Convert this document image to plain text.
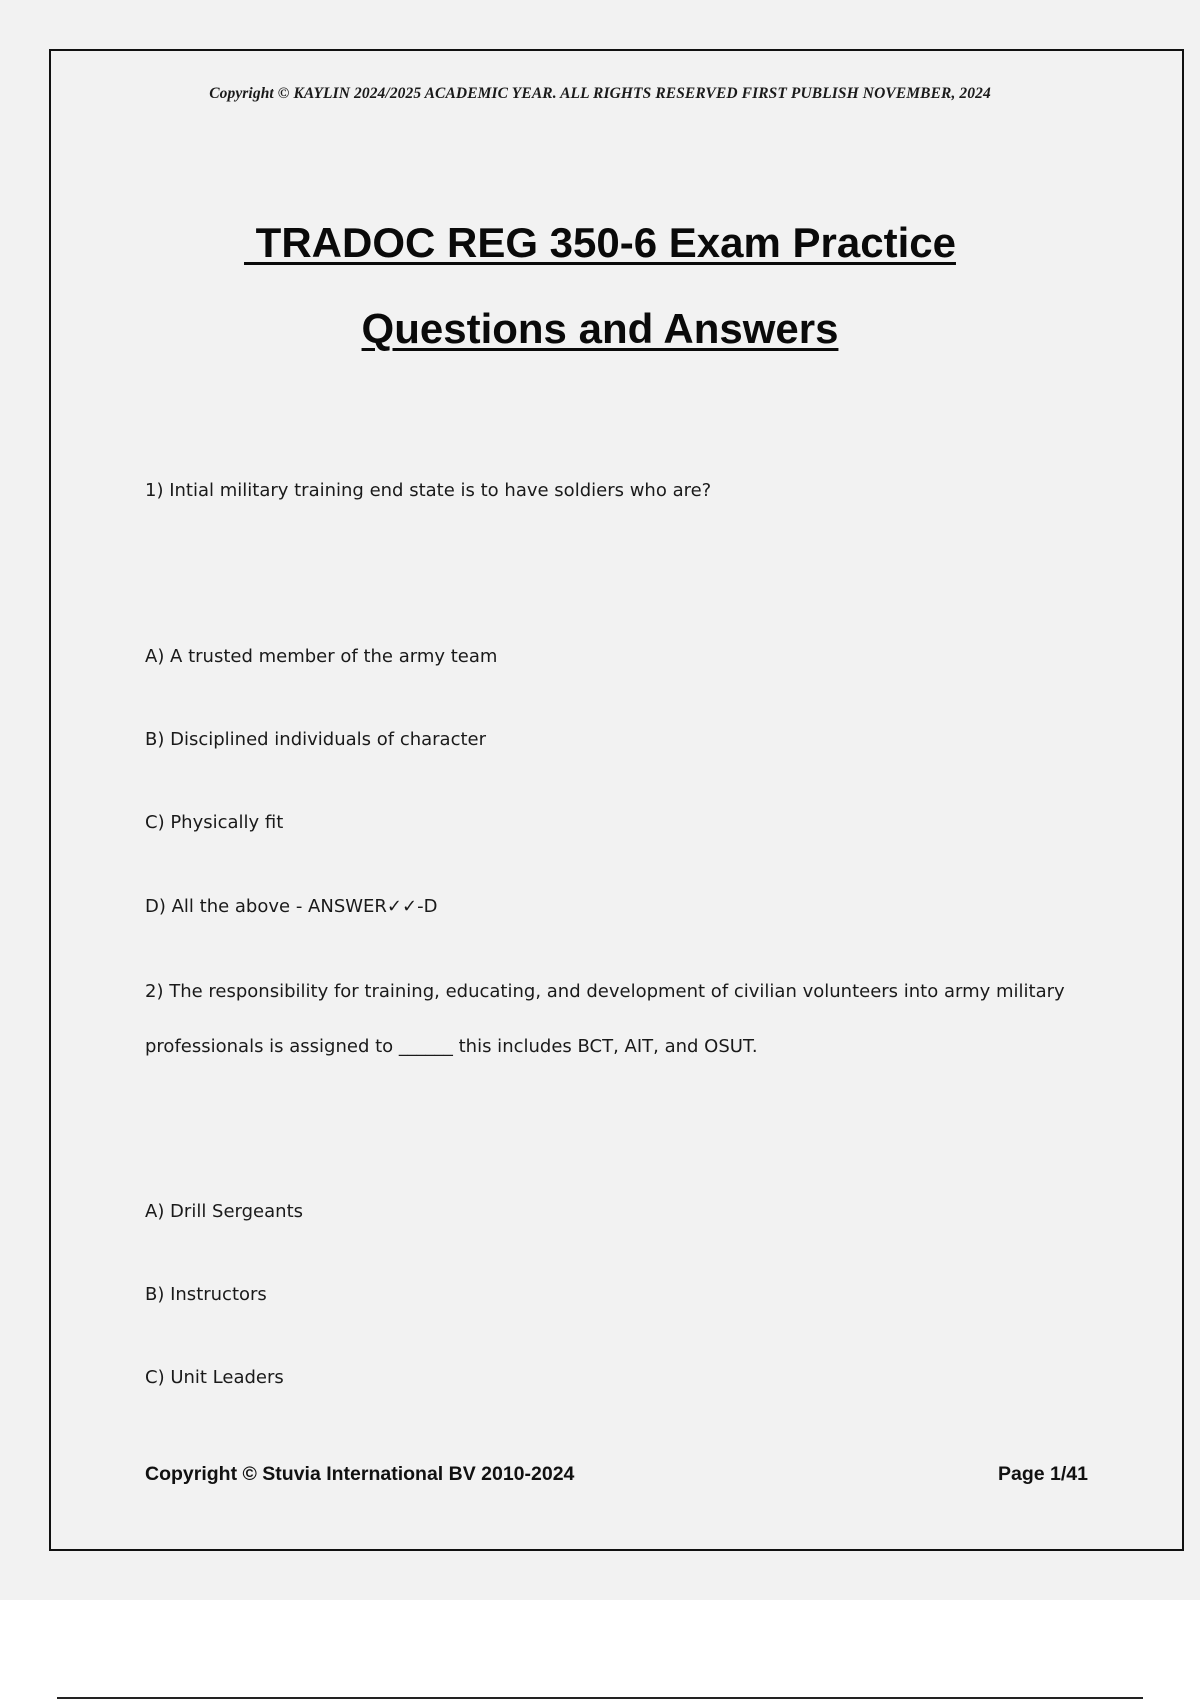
Copyright © KAYLIN 2024/2025 ACADEMIC YEAR. ALL RIGHTS RESERVED FIRST PUBLISH NOVEMBER, 2024
TRADOC REG 350-6 Exam Practice
Questions and Answers
1) Intial military training end state is to have soldiers who are?
A) A trusted member of the army team
B) Disciplined individuals of character
C) Physically fit
D) All the above - ANSWER✓✓-D
2) The responsibility for training, educating, and development of civilian volunteers into army military
professionals is assigned to ______ this includes BCT, AIT, and OSUT.
A) Drill Sergeants
B) Instructors
C) Unit Leaders
Copyright © Stuvia International BV 2010-2024	Page 1/41
